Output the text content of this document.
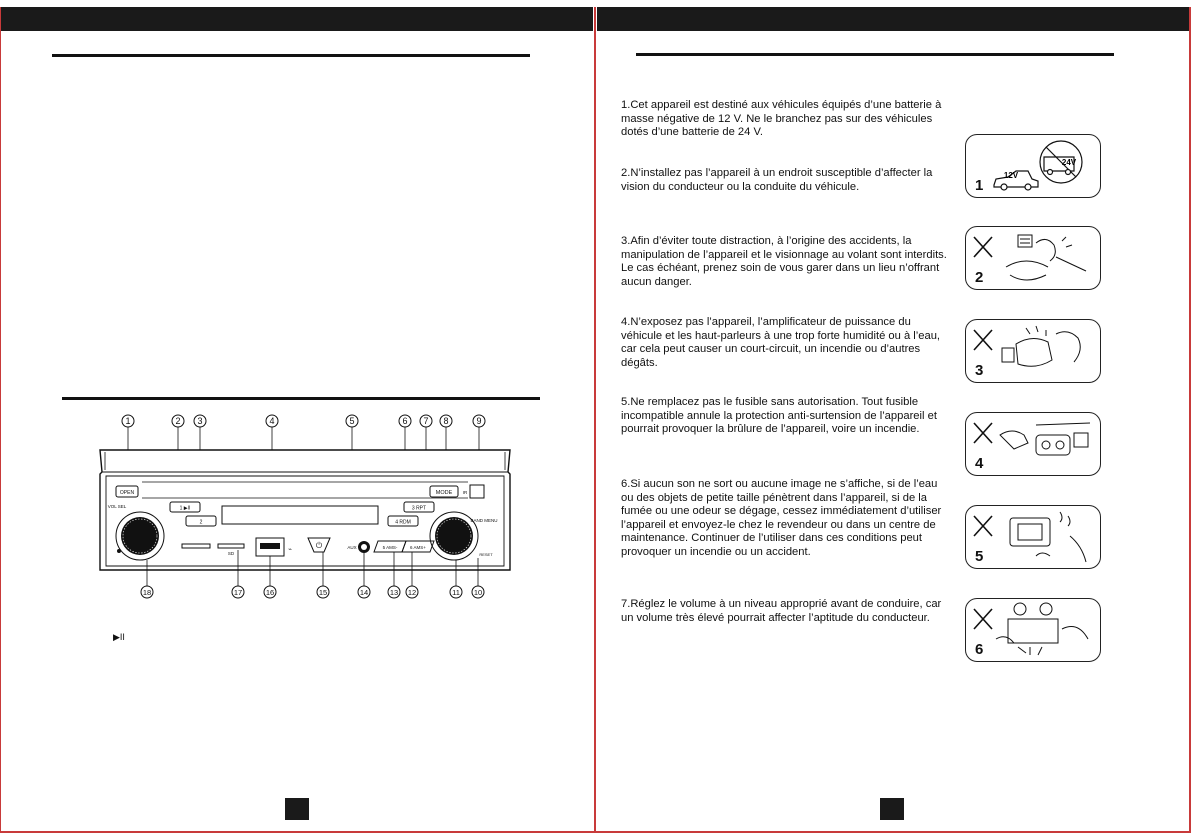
1	2 3	4	5	6 7 8	9
OPEN
1 ▶II
2
3 RPT
4 RDM
MODE IR
VOL SEL
BAND MENU
RESET
SD
⌁	⏻	AUX	5 AMS-	6 AMS+
18	17	16	15	14	13 12	11 10
▶II
1.Cet appareil est destiné aux véhicules équipés d’une batterie à masse négative de 12 V. Ne le branchez pas sur des véhicules dotés d’une batterie de 24 V.
2.N’installez pas l’appareil à un endroit susceptible d’affecter la vision du conducteur ou la conduite du véhicule.
3.Afin d’éviter toute distraction, à l’origine des accidents, la manipulation de l’appareil et le visionnage au volant sont interdits. Le cas échéant, prenez soin de vous garer dans un lieu n’offrant aucun danger.
4.N’exposez pas l’appareil, l’amplificateur de puissance du véhicule et les haut-parleurs à une trop forte humidité ou à l’eau, car cela peut causer un court-circuit, un incendie ou d’autres dégâts.
5.Ne remplacez pas le fusible sans autorisation. Tout fusible incompatible annule la protection anti-surtension de l’appareil et pourrait provoquer la brûlure de l’appareil, voire un incendie.
6.Si aucun son ne sort ou aucune image ne s’affiche, si de l’eau ou des objets de petite taille pénètrent dans l’appareil, si de la fumée ou une odeur se dégage, cessez immédiatement d’utiliser l’appareil et envoyez-le chez le revendeur ou dans un centre de maintenance. Continuer de l’utiliser dans ces conditions peut provoquer un incendie ou un accident.
7.Réglez le volume à un niveau approprié avant de conduire, car un volume très élevé pourrait affecter l’aptitude du conducteur.
12V
24V
1
2
3
4
5
6
